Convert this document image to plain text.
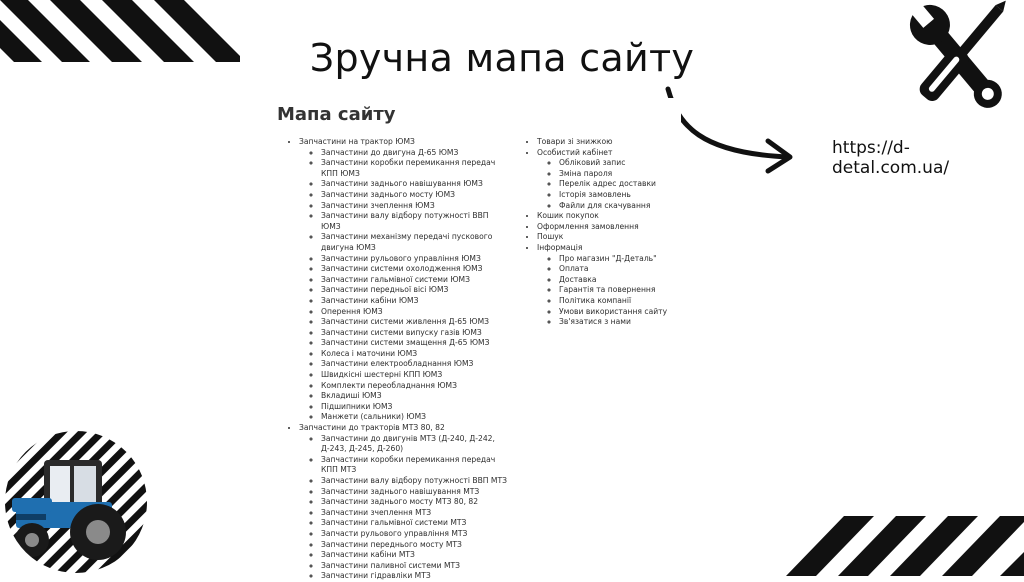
Зручна мапа сайту
https://d-detal.com.ua/
Мапа сайту
• Запчастини на трактор ЮМЗ
◦ Запчастини до двигуна Д-65 ЮМЗ
◦ Запчастини коробки перемикання передач КПП ЮМЗ
◦ Запчастини заднього навішування ЮМЗ
◦ Запчастини заднього мосту ЮМЗ
◦ Запчастини зчеплення ЮМЗ
◦ Запчастини валу відбору потужності ВВП ЮМЗ
◦ Запчастини механізму передачі пускового двигуна ЮМЗ
◦ Запчастини рульового управління ЮМЗ
◦ Запчастини системи охолодження ЮМЗ
◦ Запчастини гальмівної системи ЮМЗ
◦ Запчастини передньої вісі ЮМЗ
◦ Запчастини кабіни ЮМЗ
◦ Оперення ЮМЗ
◦ Запчастини системи живлення Д-65 ЮМЗ
◦ Запчастини системи випуску газів ЮМЗ
◦ Запчастини системи змащення Д-65 ЮМЗ
◦ Колеса і маточини ЮМЗ
◦ Запчастини електрообладнання ЮМЗ
◦ Швидкісні шестерні КПП ЮМЗ
◦ Комплекти переобладнання ЮМЗ
◦ Вкладиші ЮМЗ
◦ Підшипники ЮМЗ
◦ Манжети (сальники) ЮМЗ
• Запчастини до тракторів МТЗ 80, 82
◦ Запчастини до двигунів МТЗ (Д-240, Д-242, Д-243, Д-245, Д-260)
◦ Запчастини коробки перемикання передач КПП МТЗ
◦ Запчастини валу відбору потужності ВВП МТЗ
◦ Запчастини заднього навішування МТЗ
◦ Запчастини заднього мосту МТЗ 80, 82
◦ Запчастини зчеплення МТЗ
◦ Запчастини гальмівної системи МТЗ
◦ Запчасти рульового управління МТЗ
◦ Запчастини переднього мосту МТЗ
◦ Запчастини кабіни МТЗ
◦ Запчастини паливної системи МТЗ
◦ Запчастини гідравліки МТЗ
• Товари зі знижкою
• Особистий кабінет
◦ Обліковий запис
◦ Зміна пароля
◦ Перелік адрес доставки
◦ Історія замовлень
◦ Файли для скачування
• Кошик покупок
• Оформлення замовлення
• Пошук
• Інформація
◦ Про магазин "Д-Деталь"
◦ Оплата
◦ Доставка
◦ Гарантія та повернення
◦ Політика компанії
◦ Умови використання сайту
◦ Зв'язатися з нами
